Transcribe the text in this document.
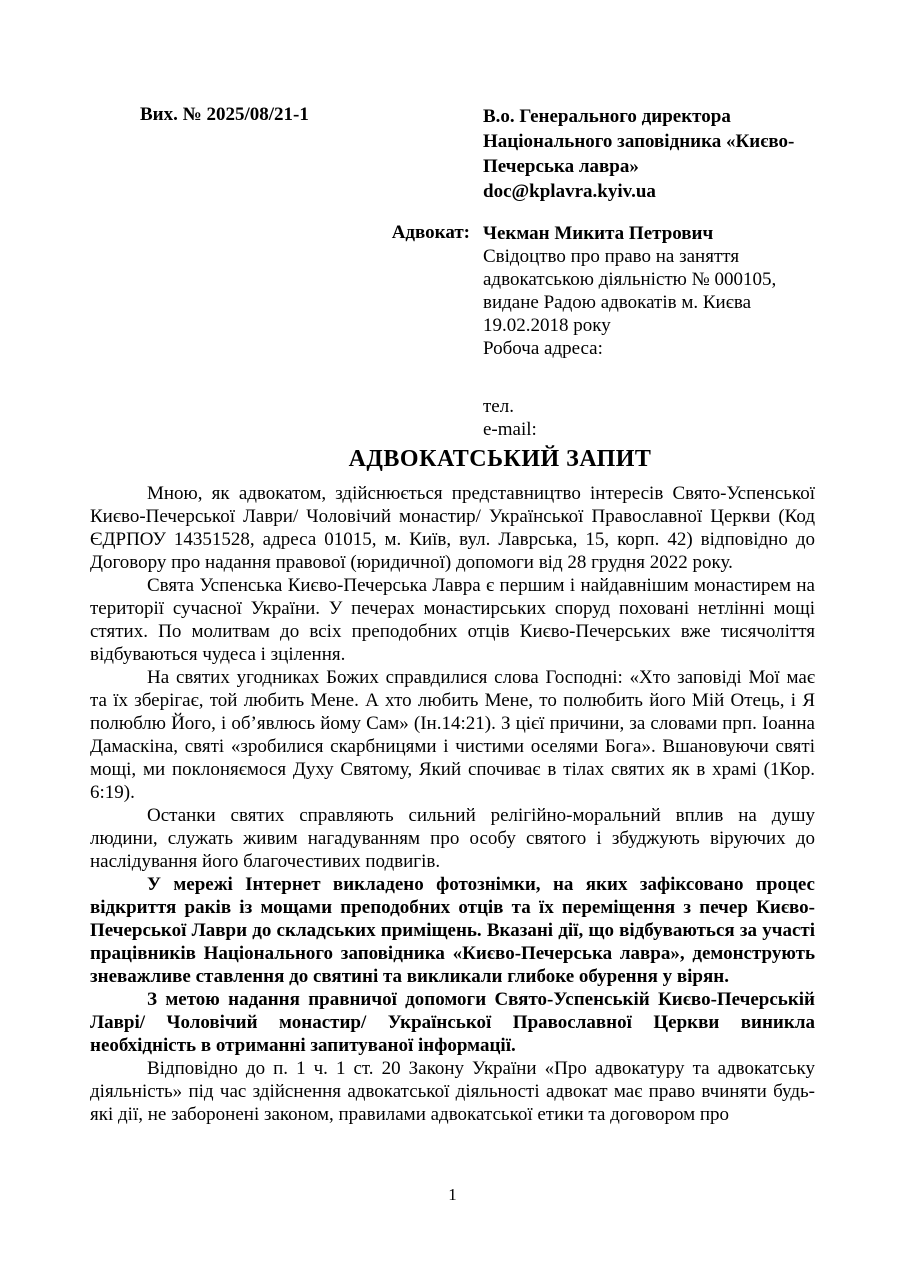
Вих. № 2025/08/21-1	В.о. Генерального директора
Національного заповідника «Києво-
Печерська лавра»
doc@kplavra.kyiv.ua
Адвокат: Чекман Микита Петрович
Свідоцтво про право на заняття
адвокатською діяльністю № 000105,
видане Радою адвокатів м. Києва
19.02.2018 року
Робоча адреса:
тел.
e-mail:
АДВОКАТСЬКИЙ ЗАПИТ

Мною, як адвокатом, здійснюється представництво інтересів Свято-Успенської Києво-Печерської Лаври/ Чоловічий монастир/ Української Православної Церкви (Код ЄДРПОУ 14351528, адреса 01015, м. Київ, вул. Лаврська, 15, корп. 42) відповідно до Договору про надання правової (юридичної) допомоги від 28 грудня 2022 року.

Свята Успенська Києво-Печерська Лавра є першим і найдавнішим монастирем на території сучасної України. У печерах монастирських споруд поховані нетлінні мощі стятих. По молитвам до всіх преподобних отців Києво-Печерських вже тисячоліття відбуваються чудеса і зцілення.

На святих угодниках Божих справдилися слова Господні: «Хто заповіді Мої має та їх зберігає, той любить Мене. А хто любить Мене, то полюбить його Мій Отець, і Я полюблю Його, і об’явлюсь йому Сам» (Ін.14:21). З цієї причини, за словами прп. Іоанна Дамаскіна, святі «зробилися скарбницями і чистими оселями Бога». Вшановуючи святі мощі, ми поклоняємося Духу Святому, Який спочиває в тілах святих як в храмі (1Кор. 6:19).

Останки святих справляють сильний релігійно-моральний вплив на душу людини, служать живим нагадуванням про особу святого і збуджують віруючих до наслідування його благочестивих подвигів.

У мережі Інтернет викладено фотознімки, на яких зафіксовано процес відкриття раків із мощами преподобних отців та їх переміщення з печер Києво-Печерської Лаври до складських приміщень. Вказані дії, що відбуваються за участі працівників Національного заповідника «Києво-Печерська лавра», демонструють зневажливе ставлення до святині та викликали глибоке обурення у вірян.

З метою надання правничої допомоги Свято-Успенській Києво-Печерській Лаврі/ Чоловічий монастир/ Української Православної Церкви виникла необхідність в отриманні запитуваної інформації.

Відповідно до п. 1 ч. 1 ст. 20 Закону України «Про адвокатуру та адвокатську діяльність» під час здійснення адвокатської діяльності адвокат має право вчиняти будь-які дії, не заборонені законом, правилами адвокатської етики та договором про

1
